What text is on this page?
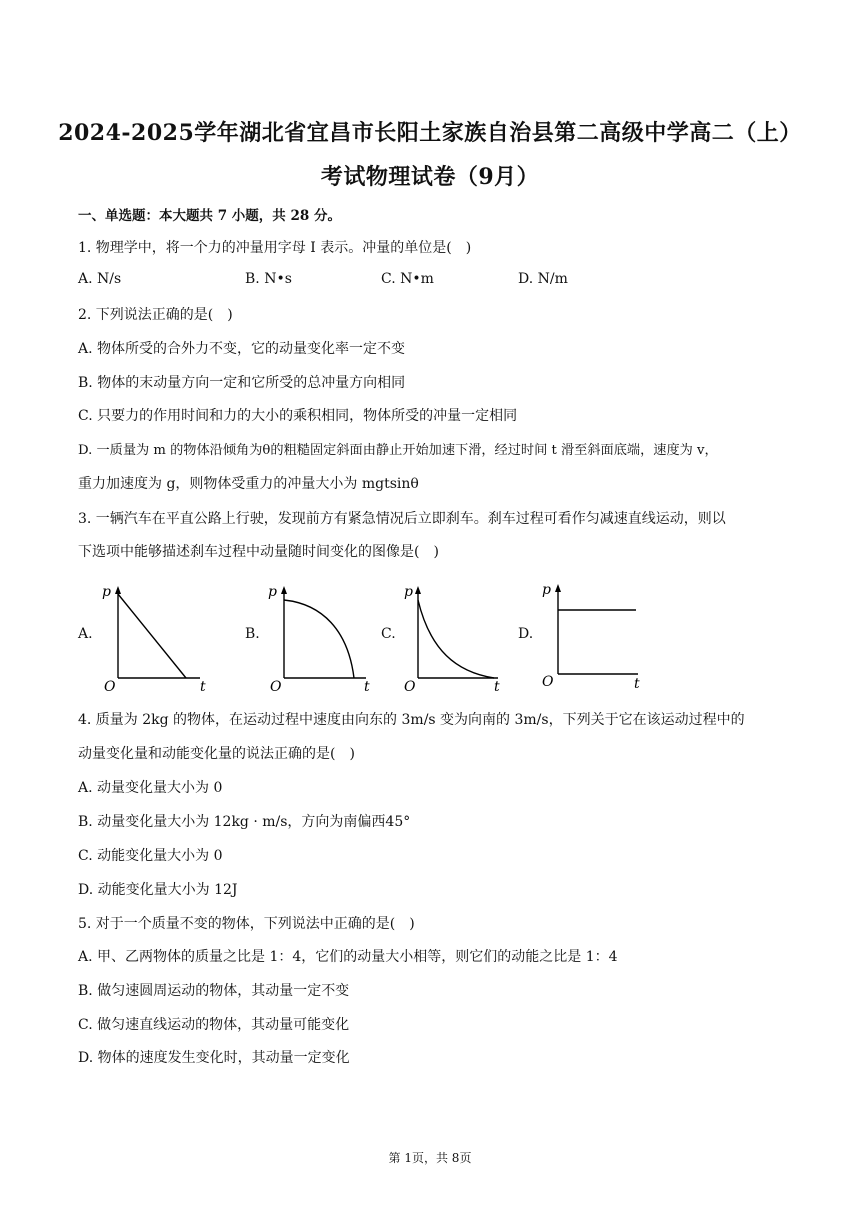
2024-2025学年湖北省宜昌市长阳土家族自治县第二高级中学高二（上）
考试物理试卷（9月）
一、单选题：本大题共 7 小题，共 28 分。
1. 物理学中，将一个力的冲量用字母 I 表示。冲量的单位是(　)
A. N/s	B. N•s	C. N•m	D. N/m
2. 下列说法正确的是(　)
A. 物体所受的合外力不变，它的动量变化率一定不变
B. 物体的末动量方向一定和它所受的总冲量方向相同
C. 只要力的作用时间和力的大小的乘积相同，物体所受的冲量一定相同
D. 一质量为 m 的物体沿倾角为θ的粗糙固定斜面由静止开始加速下滑，经过时间 t 滑至斜面底端，速度为 v，
重力加速度为 g，则物体受重力的冲量大小为 mgtsinθ
3. 一辆汽车在平直公路上行驶，发现前方有紧急情况后立即刹车。刹车过程可看作匀减速直线运动，则以
下选项中能够描述刹车过程中动量随时间变化的图像是(　)
A.	B.	C.	D.
p
t
O
p
t
O
p
t
O
p
t
O
4. 质量为 2kg 的物体，在运动过程中速度由向东的 3m/s 变为向南的 3m/s，下列关于它在该运动过程中的
动量变化量和动能变化量的说法正确的是(　)
A. 动量变化量大小为 0
B. 动量变化量大小为 12kg · m/s，方向为南偏西45°
C. 动能变化量大小为 0
D. 动能变化量大小为 12J
5. 对于一个质量不变的物体，下列说法中正确的是(　)
A. 甲、乙两物体的质量之比是 1：4，它们的动量大小相等，则它们的动能之比是 1：4
B. 做匀速圆周运动的物体，其动量一定不变
C. 做匀速直线运动的物体，其动量可能变化
D. 物体的速度发生变化时，其动量一定变化
第 1页，共 8页
